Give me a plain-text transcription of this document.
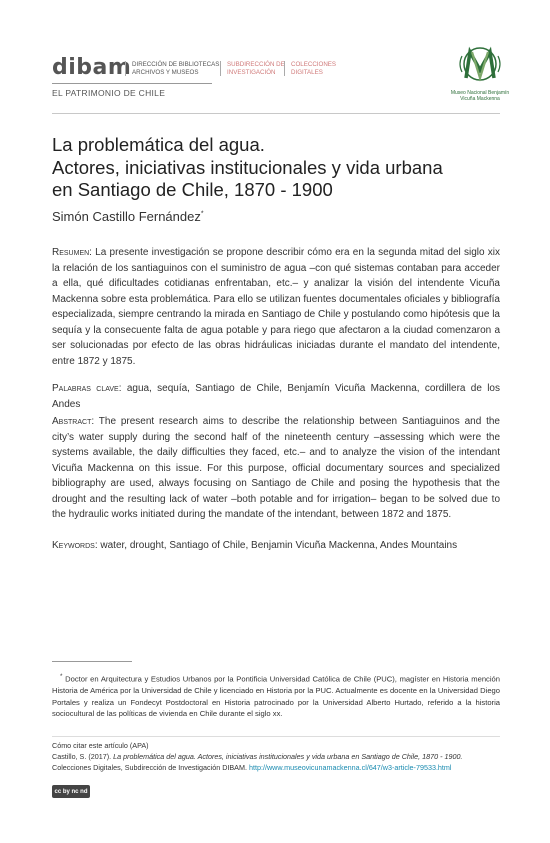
dibam DIRECCIÓN DE BIBLIOTECAS,
ARCHIVOS Y MUSEOS
SUBDIRECCIÓN DE
INVESTIGACIÓN
COLECCIONES
DIGITALES
EL PATRIMONIO DE CHILE	Museo Nacional Benjamín Vicuña Mackenna
La problemática del agua.
Actores, iniciativas institucionales y vida urbana
en Santiago de Chile, 1870 - 1900
Simón Castillo Fernández*
Resumen: La presente investigación se propone describir cómo era en la segunda mitad del siglo xix la relación de los santiaguinos con el suministro de agua –con qué sistemas contaban para acceder a ella, qué dificultades cotidianas enfrentaban, etc.– y analizar la visión del intendente Vicuña Mackenna sobre esta problemática. Para ello se utilizan fuentes documentales oficiales y bibliografía especializada, siempre centrando la mirada en Santiago de Chile y postulando como hipótesis que la sequía y la consecuente falta de agua potable y para riego que afectaron a la ciudad comenzaron a ser solucionadas por efecto de las obras hidráulicas iniciadas durante el mandato del intendente, entre 1872 y 1875.
Palabras clave: agua, sequía, Santiago de Chile, Benjamín Vicuña Mackenna, cordillera de los Andes
Abstract: The present research aims to describe the relationship between Santiaguinos and the city’s water supply during the second half of the nineteenth century –assessing which were the systems available, the daily difficulties they faced, etc.– and to analyze the vision of the intendant Vicuña Mackenna on this issue. For this purpose, official documentary sources and specialized bibliography are used, always focusing on Santiago de Chile and posing the hypothesis that the drought and the resulting lack of water –both potable and for irrigation– began to be solved due to the hydraulic works initiated during the mandate of the intendant, between 1872 and 1875.
Keywords: water, drought, Santiago of Chile, Benjamin Vicuña Mackenna, Andes Mountains
* Doctor en Arquitectura y Estudios Urbanos por la Pontificia Universidad Católica de Chile (PUC), magíster en Historia mención Historia de América por la Universidad de Chile y licenciado en Historia por la PUC. Actualmente es docente en la Universidad Diego Portales y realiza un Fondecyt Postdoctoral en Historia patrocinado por la Universidad Alberto Hurtado, referido a la historia sociocultural de las políticas de vivienda en Chile durante el siglo xx.
Cómo citar este artículo (APA)
Castillo, S. (2017). La problemática del agua. Actores, iniciativas institucionales y vida urbana en Santiago de Chile, 1870 - 1900.
Colecciones Digitales, Subdirección de Investigación DIBAM. http://www.museovicunamackenna.cl/647/w3-article-79533.html
cc by nc nd
